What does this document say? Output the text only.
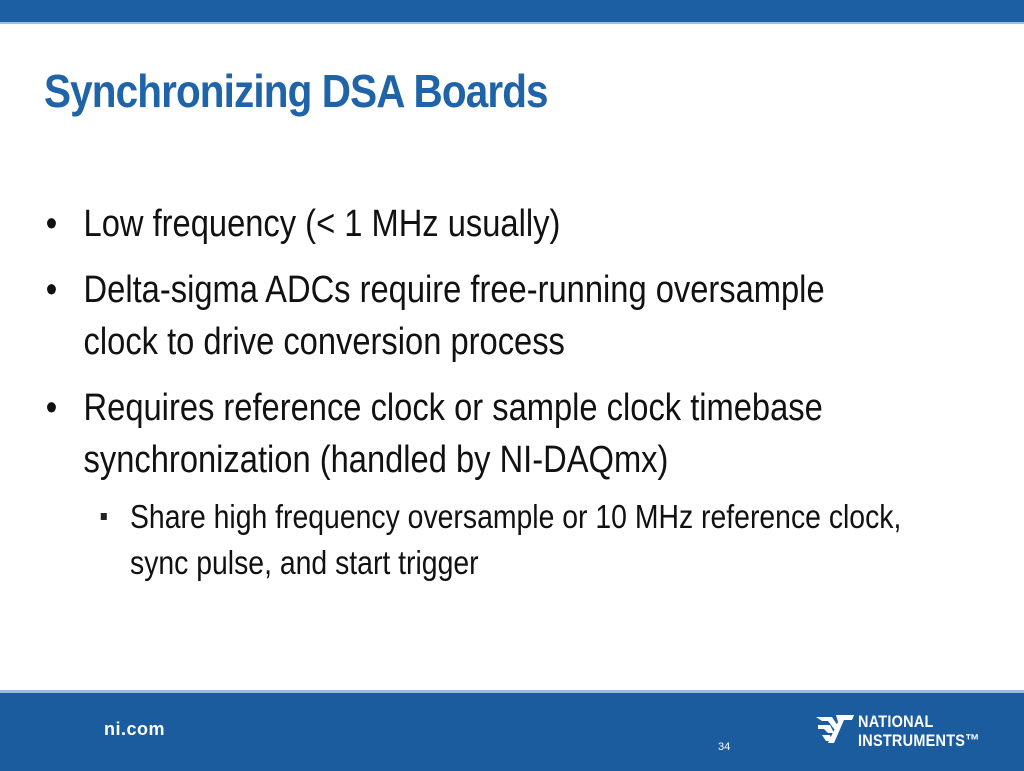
Synchronizing DSA Boards
• Low frequency (< 1 MHz usually)
• Delta-sigma ADCs require free-running oversample clock to drive conversion process
• Requires reference clock or sample clock timebase synchronization (handled by NI-DAQmx)
Share high frequency oversample or 10 MHz reference clock, sync pulse, and start trigger
ni.com
34
NATIONAL
INSTRUMENTS™
